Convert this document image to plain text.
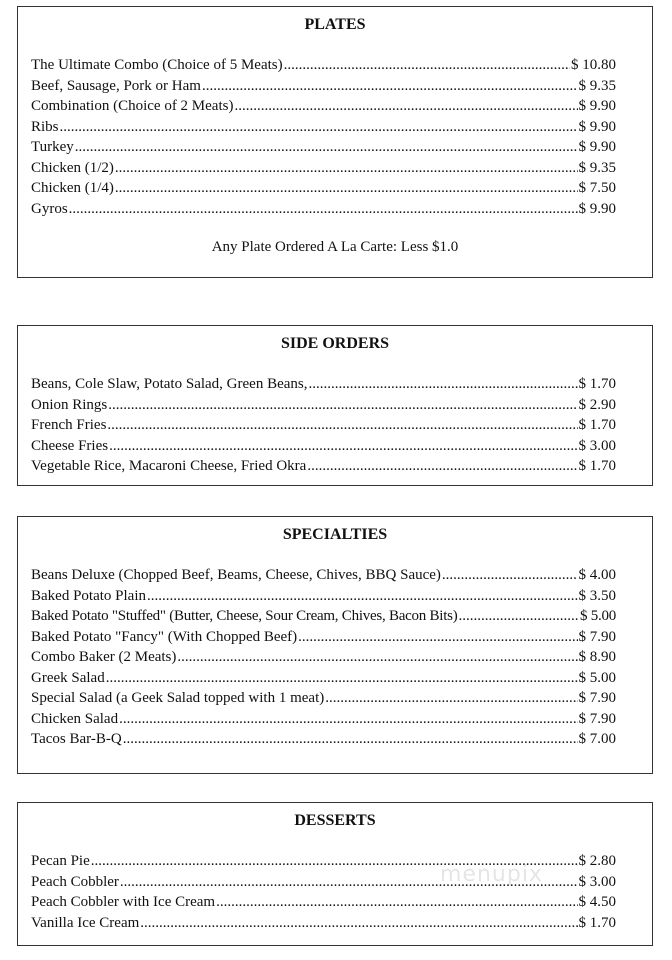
PLATES
The Ultimate Combo (Choice of 5 Meats) .....	$ 10.80
Beef, Sausage, Pork or Ham .....	$ 9.35
Combination (Choice of 2 Meats) .....	$ 9.90
Ribs .....	$ 9.90
Turkey .....	$ 9.90
Chicken (1/2) .....	$ 9.35
Chicken (1/4) .....	$ 7.50
Gyros .....	$ 9.90
Any Plate Ordered A La Carte: Less $1.0
SIDE ORDERS
Beans, Cole Slaw, Potato Salad, Green Beans, .....	$ 1.70
Onion Rings .....	$ 2.90
French Fries .....	$ 1.70
Cheese Fries .....	$ 3.00
Vegetable Rice, Macaroni Cheese, Fried Okra .....	$ 1.70
SPECIALTIES
Beans Deluxe (Chopped Beef, Beams, Cheese, Chives, BBQ Sauce) .....	$ 4.00
Baked Potato Plain .....	$ 3.50
Baked Potato "Stuffed" (Butter, Cheese, Sour Cream, Chives, Bacon Bits) .....	$ 5.00
Baked Potato "Fancy" (With Chopped Beef) .....	$ 7.90
Combo Baker (2 Meats) .....	$ 8.90
Greek Salad .....	$ 5.00
Special Salad (a Geek Salad topped with 1 meat) .....	$ 7.90
Chicken Salad .....	$ 7.90
Tacos Bar-B-Q .....	$ 7.00
DESSERTS
Pecan Pie .....	$ 2.80
Peach Cobbler .....	$ 3.00
Peach Cobbler with Ice Cream .....	$ 4.50
Vanilla Ice Cream .....	$ 1.70
menupix
